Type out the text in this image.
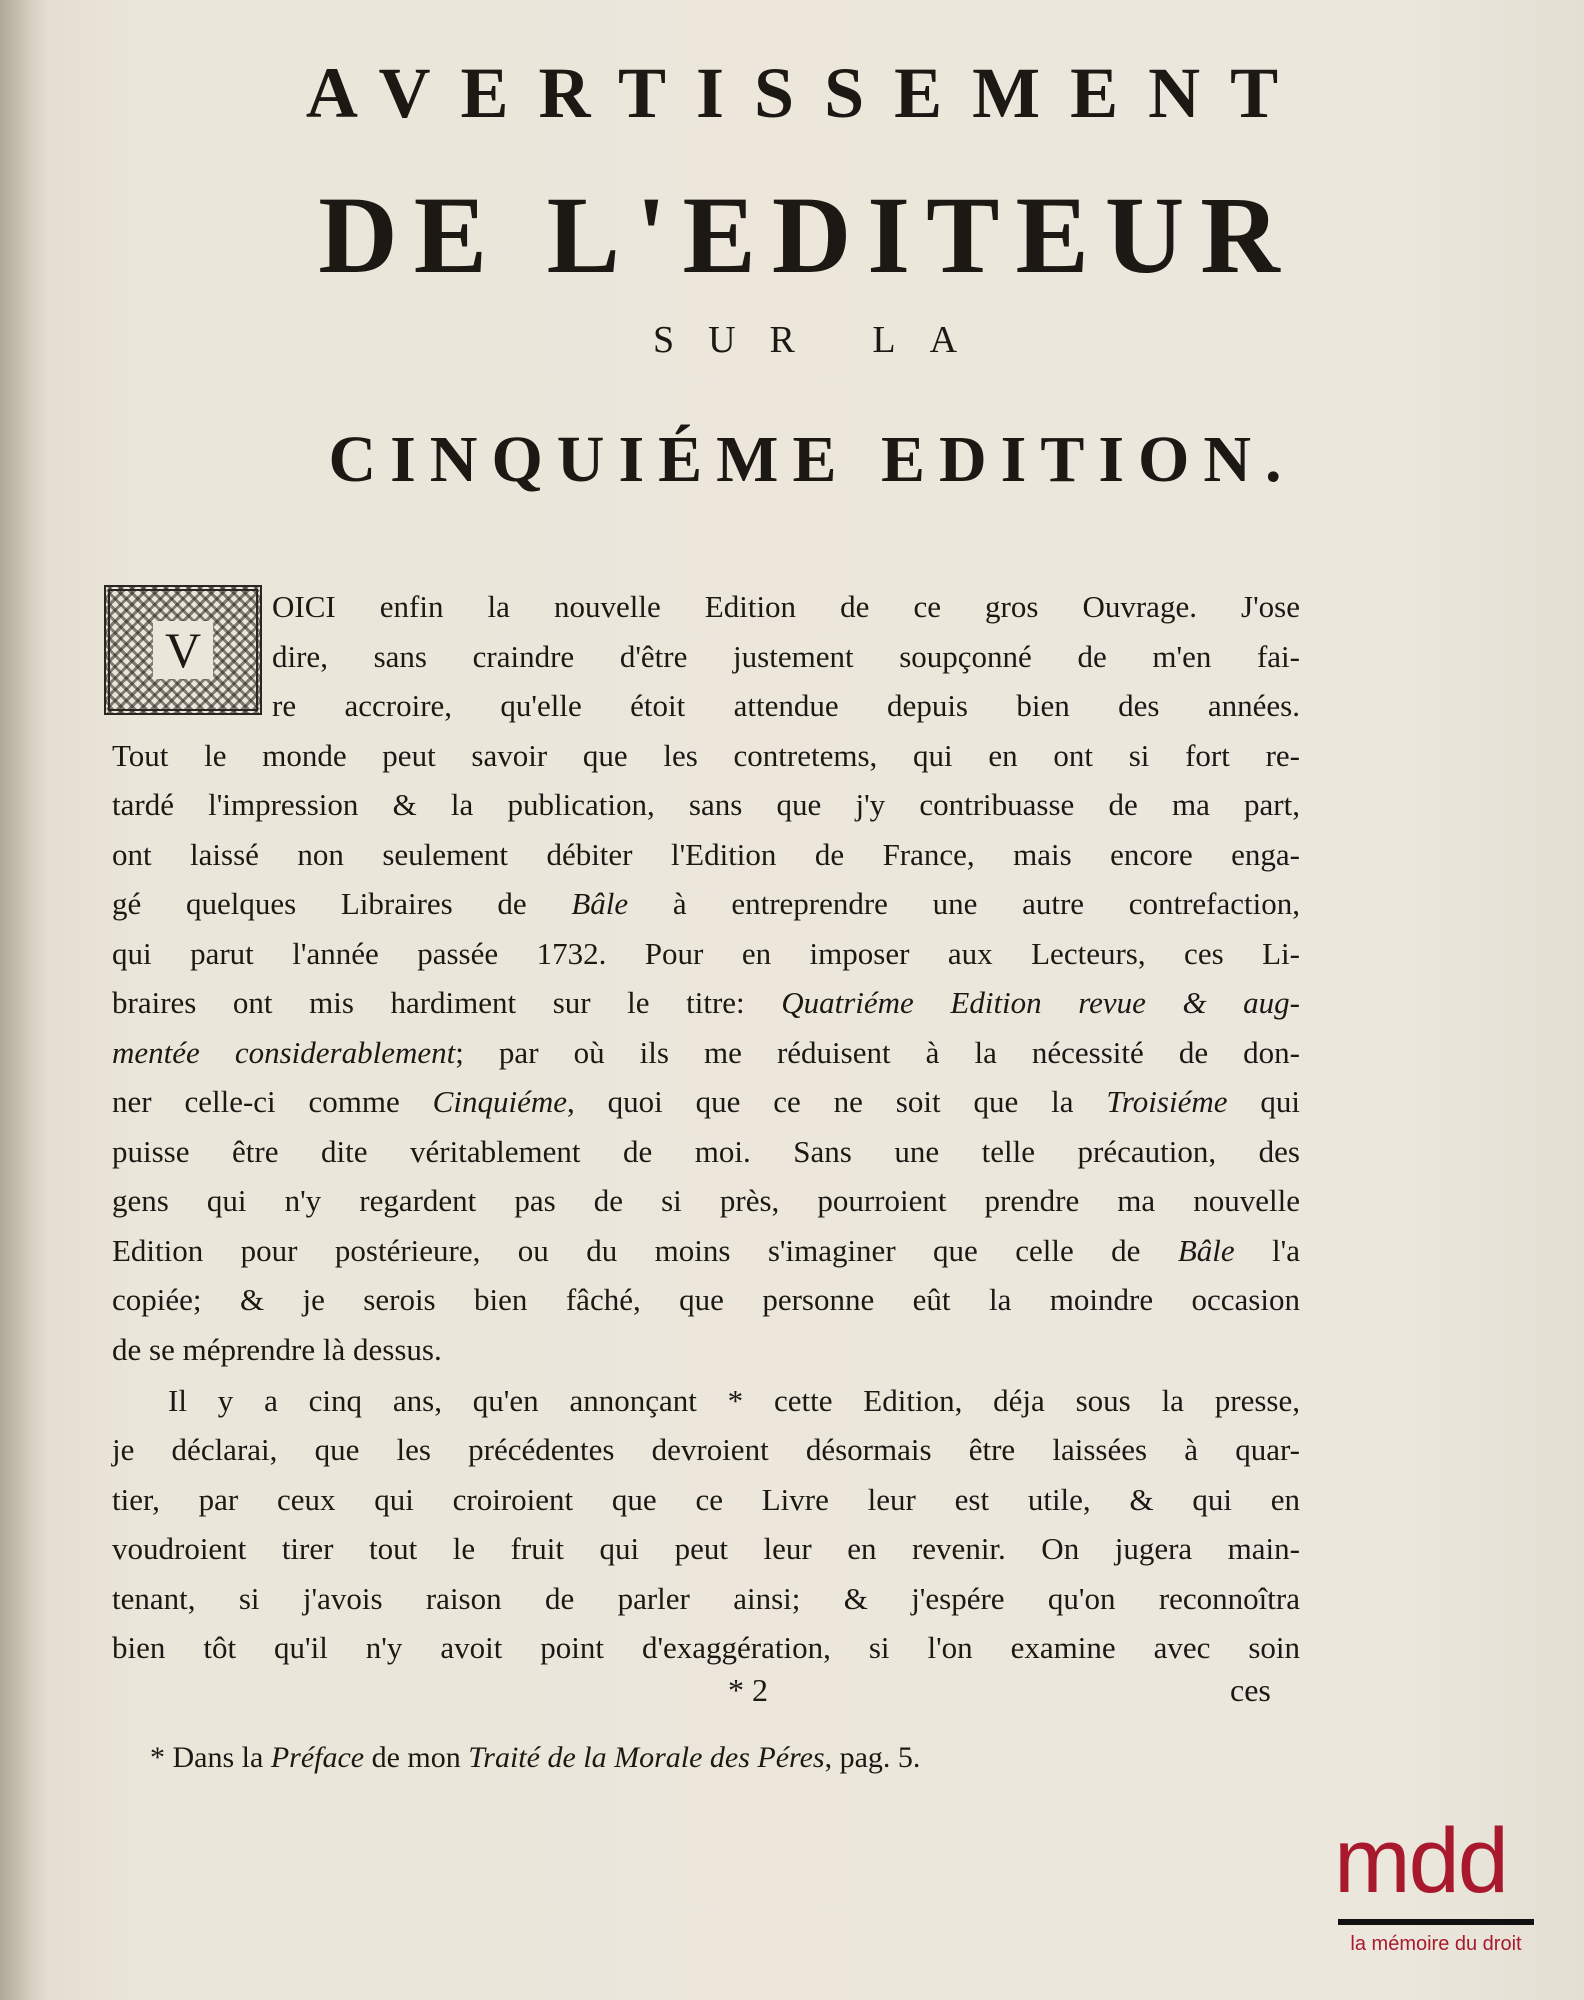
AVERTISSEMENT
DE L'EDITEUR
SUR LA
CINQUIÉME EDITION.
V
OICI enfin la nouvelle Edition de ce gros Ouvrage. J'ose
dire, sans craindre d'être justement soupçonné de m'en fai-
re accroire, qu'elle étoit attendue depuis bien des années.
Tout le monde peut savoir que les contretems, qui en ont si fort re-
tardé l'impression & la publication, sans que j'y contribuasse de ma part,
ont laissé non seulement débiter l'Edition de France, mais encore enga-
gé quelques Libraires de Bâle à entreprendre une autre contrefaction,
qui parut l'année passée 1732. Pour en imposer aux Lecteurs, ces Li-
braires ont mis hardiment sur le titre: Quatriéme Edition revue & aug-
mentée considerablement; par où ils me réduisent à la nécessité de don-
ner celle-ci comme Cinquiéme, quoi que ce ne soit que la Troisiéme qui
puisse être dite véritablement de moi. Sans une telle précaution, des
gens qui n'y regardent pas de si près, pourroient prendre ma nouvelle
Edition pour postérieure, ou du moins s'imaginer que celle de Bâle l'a
copiée; & je serois bien fâché, que personne eût la moindre occasion
de se méprendre là dessus.
Il y a cinq ans, qu'en annonçant * cette Edition, déja sous la presse,
je déclarai, que les précédentes devroient désormais être laissées à quar-
tier, par ceux qui croiroient que ce Livre leur est utile, & qui en
voudroient tirer tout le fruit qui peut leur en revenir. On jugera main-
tenant, si j'avois raison de parler ainsi; & j'espére qu'on reconnoîtra
bien tôt qu'il n'y avoit point d'exaggération, si l'on examine avec soin
* 2	ces
* Dans la Préface de mon Traité de la Morale des Péres, pag. 5.
mdd
la mémoire du droit
